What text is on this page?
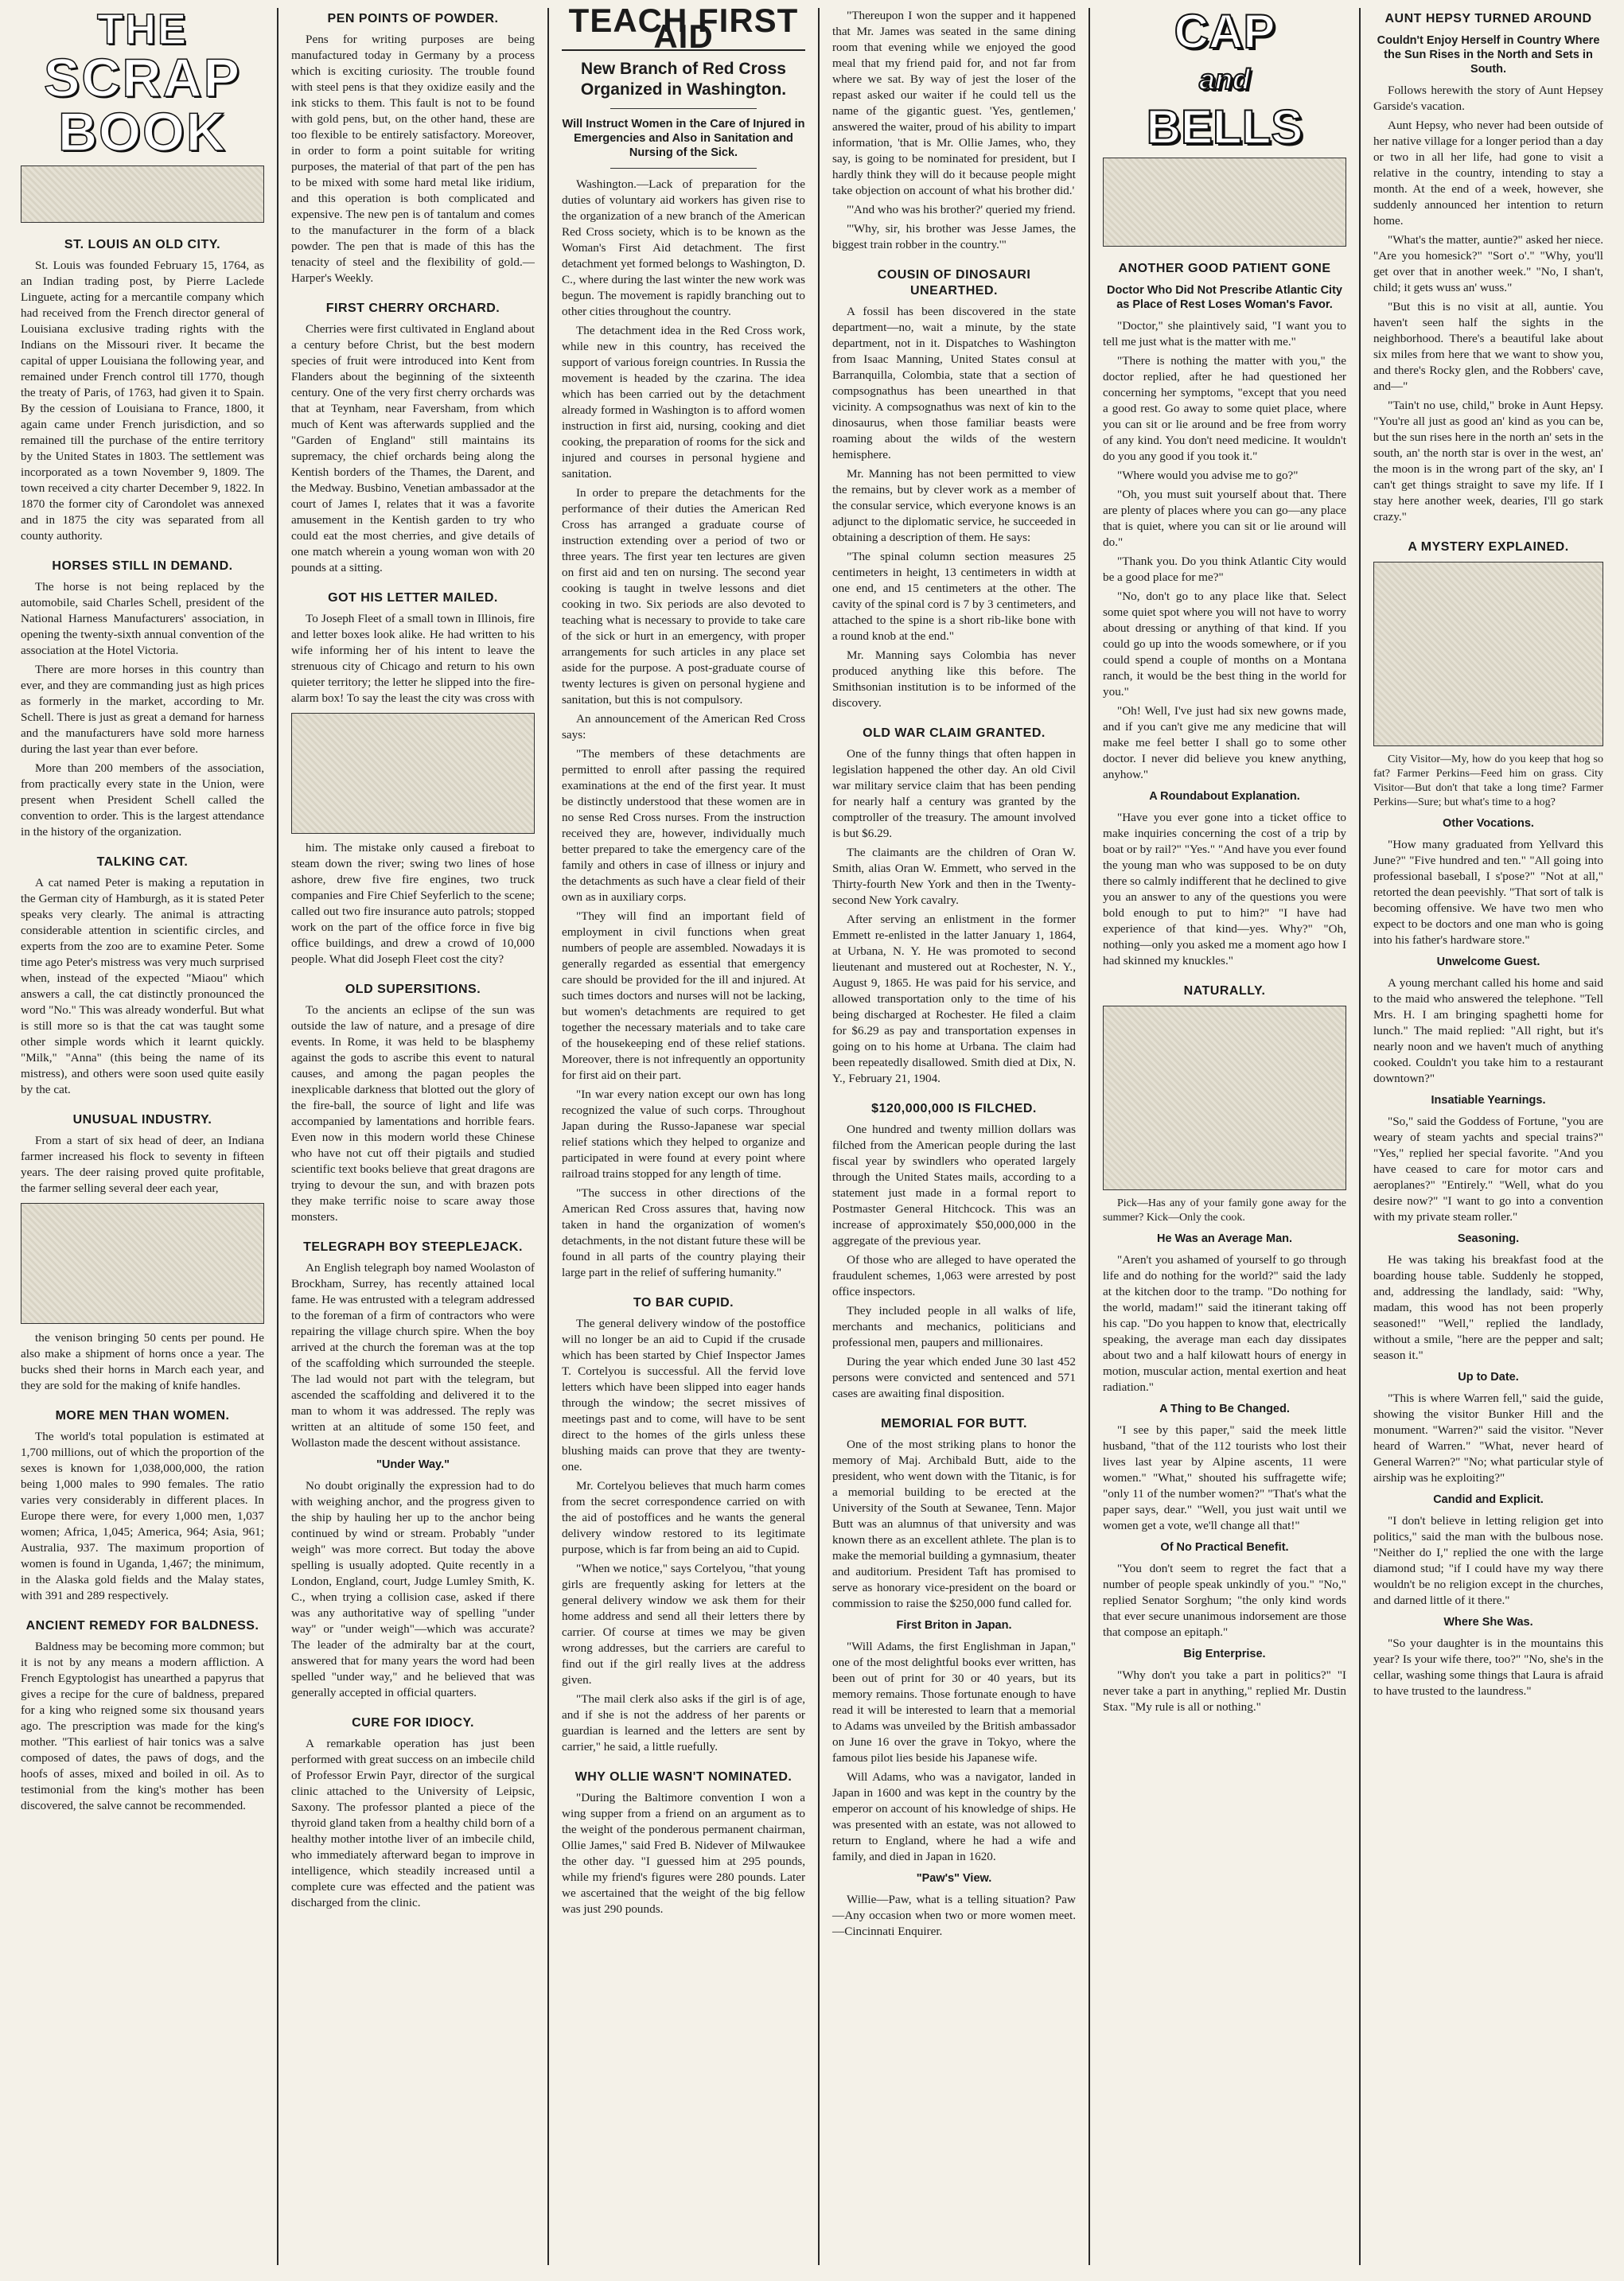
THE
SCRAP
BOOK
ST. LOUIS AN OLD CITY.

St. Louis was founded February 15, 1764, as an Indian trading post, by Pierre Laclede Linguete, acting for a mercantile company which had received from the French director general of Louisiana exclusive trading rights with the Indians on the Missouri river. It became the capital of upper Louisiana the following year, and remained under French control till 1770, though the treaty of Paris, of 1763, had given it to Spain. By the cession of Louisiana to France, 1800, it again came under French jurisdiction, and so remained till the purchase of the entire territory by the United States in 1803. The settlement was incorporated as a town November 9, 1809. The town received a city charter December 9, 1822. In 1870 the former city of Carondolet was annexed and in 1875 the city was separated from all county authority.

HORSES STILL IN DEMAND.

The horse is not being replaced by the automobile, said Charles Schell, president of the National Harness Manufacturers' association, in opening the twenty-sixth annual convention of the association at the Hotel Victoria.

There are more horses in this country than ever, and they are commanding just as high prices as formerly in the market, according to Mr. Schell. There is just as great a demand for harness and the manufacturers have sold more harness during the last year than ever before.

More than 200 members of the association, from practically every state in the Union, were present when President Schell called the convention to order. This is the largest attendance in the history of the organization.

TALKING CAT.

A cat named Peter is making a reputation in the German city of Hamburgh, as it is stated Peter speaks very clearly. The animal is attracting considerable attention in scientific circles, and experts from the zoo are to examine Peter. Some time ago Peter's mistress was very much surprised when, instead of the expected "Miaou" which answers a call, the cat distinctly pronounced the word "No." This was already wonderful. But what is still more so is that the cat was taught some other simple words which it learnt quickly. "Milk," "Anna" (this being the name of its mistress), and others were soon used quite easily by the cat.

UNUSUAL INDUSTRY.

From a start of six head of deer, an Indiana farmer increased his flock to seventy in fifteen years. The deer raising proved quite profitable, the farmer selling several deer each year,

the venison bringing 50 cents per pound. He also make a shipment of horns once a year. The bucks shed their horns in March each year, and they are sold for the making of knife handles.

MORE MEN THAN WOMEN.

The world's total population is estimated at 1,700 millions, out of which the proportion of the sexes is known for 1,038,000,000, the ration being 1,000 males to 990 females. The ratio varies very considerably in different places. In Europe there were, for every 1,000 men, 1,037 women; Africa, 1,045; America, 964; Asia, 961; Australia, 937. The maximum proportion of women is found in Uganda, 1,467; the minimum, in the Alaska gold fields and the Malay states, with 391 and 289 respectively.

ANCIENT REMEDY FOR BALDNESS.

Baldness may be becoming more common; but it is not by any means a modern affliction. A French Egyptologist has unearthed a papyrus that gives a recipe for the cure of baldness, prepared for a king who reigned some six thousand years ago. The prescription was made for the king's mother. "This earliest of hair tonics was a salve composed of dates, the paws of dogs, and the hoofs of asses, mixed and boiled in oil. As to testimonial from the king's mother has been discovered, the salve cannot be recommended.

PEN POINTS OF POWDER.

Pens for writing purposes are being manufactured today in Germany by a process which is exciting curiosity. The trouble found with steel pens is that they oxidize easily and the ink sticks to them. This fault is not to be found with gold pens, but, on the other hand, these are too flexible to be entirely satisfactory. Moreover, in order to form a point suitable for writing purposes, the material of that part of the pen has to be mixed with some hard metal like iridium, and this operation is both complicated and expensive. The new pen is of tantalum and comes to the manufacturer in the form of a black powder. The pen that is made of this has the tenacity of steel and the flexibility of gold.—Harper's Weekly.

FIRST CHERRY ORCHARD.

Cherries were first cultivated in England about a century before Christ, but the best modern species of fruit were introduced into Kent from Flanders about the beginning of the sixteenth century. One of the very first cherry orchards was that at Teynham, near Faversham, from which much of Kent was afterwards supplied and the "Garden of England" still maintains its supremacy, the chief orchards being along the Kentish borders of the Thames, the Darent, and the Medway. Busbino, Venetian ambassador at the court of James I, relates that it was a favorite amusement in the Kentish garden to try who could eat the most cherries, and give details of one match wherein a young woman won with 20 pounds at a sitting.

GOT HIS LETTER MAILED.

To Joseph Fleet of a small town in Illinois, fire and letter boxes look alike. He had written to his wife informing her of his intent to leave the strenuous city of Chicago and return to his own quieter territory; the letter he slipped into the fire-alarm box! To say the least the city was cross with

him. The mistake only caused a fireboat to steam down the river; swing two lines of hose ashore, drew five fire engines, two truck companies and Fire Chief Seyferlich to the scene; called out two fire insurance auto patrols; stopped work on the part of the office force in five big office buildings, and drew a crowd of 10,000 people. What did Joseph Fleet cost the city?

OLD SUPERSITIONS.

To the ancients an eclipse of the sun was outside the law of nature, and a presage of dire events. In Rome, it was held to be blasphemy against the gods to ascribe this event to natural causes, and among the pagan peoples the inexplicable darkness that blotted out the glory of the fire-ball, the source of light and life was accompanied by lamentations and horrible fears. Even now in this modern world these Chinese who have not cut off their pigtails and studied scientific text books believe that great dragons are trying to devour the sun, and with brazen pots they make terrific noise to scare away those monsters.

TELEGRAPH BOY STEEPLEJACK.

An English telegraph boy named Woolaston of Brockham, Surrey, has recently attained local fame. He was entrusted with a telegram addressed to the foreman of a firm of contractors who were repairing the village church spire. When the boy arrived at the church the foreman was at the top of the scaffolding which surrounded the steeple. The lad would not part with the telegram, but ascended the scaffolding and delivered it to the man to whom it was addressed. The reply was written at an altitude of some 150 feet, and Wollaston made the descent without assistance.

"Under Way."

No doubt originally the expression had to do with weighing anchor, and the progress given to the ship by hauling her up to the anchor being continued by wind or stream. Probably "under weigh" was more correct. But today the above spelling is usually adopted. Quite recently in a London, England, court, Judge Lumley Smith, K. C., when trying a collision case, asked if there was any authoritative way of spelling "under way" or "under weigh"—which was accurate? The leader of the admiralty bar at the court, answered that for many years the word had been spelled "under way," and he believed that was generally accepted in official quarters.

CURE FOR IDIOCY.

A remarkable operation has just been performed with great success on an imbecile child of Professor Erwin Payr, director of the surgical clinic attached to the University of Leipsic, Saxony. The professor planted a piece of the thyroid gland taken from a healthy child born of a healthy mother intothe liver of an imbecile child, who immediately afterward began to improve in intelligence, which steadily increased until a complete cure was effected and the patient was discharged from the clinic.

TEACH FIRST AID
New Branch of Red Cross Organized in Washington.
Will Instruct Women in the Care of Injured in Emergencies and Also in Sanitation and Nursing of the Sick.

Washington.—Lack of preparation for the duties of voluntary aid workers has given rise to the organization of a new branch of the American Red Cross society, which is to be known as the Woman's First Aid detachment. The first detachment yet formed belongs to Washington, D. C., where during the last winter the new work was begun. The movement is rapidly branching out to other cities throughout the country.

The detachment idea in the Red Cross work, while new in this country, has received the support of various foreign countries. In Russia the movement is headed by the czarina. The idea which has been carried out by the detachment already formed in Washington is to afford women instruction in first aid, nursing, cooking and diet cooking, the preparation of rooms for the sick and injured and courses in personal hygiene and sanitation.

In order to prepare the detachments for the performance of their duties the American Red Cross has arranged a graduate course of instruction extending over a period of two or three years. The first year ten lectures are given on first aid and ten on nursing. The second year cooking is taught in twelve lessons and diet cooking in two. Six periods are also devoted to teaching what is necessary to provide to take care of the sick or hurt in an emergency, with proper arrangements for such articles in any place set aside for the purpose. A post-graduate course of twenty lectures is given on personal hygiene and sanitation, but this is not compulsory.

An announcement of the American Red Cross says:

"The members of these detachments are permitted to enroll after passing the required examinations at the end of the first year. It must be distinctly understood that these women are in no sense Red Cross nurses. From the instruction received they are, however, individually much better prepared to take the emergency care of the family and others in case of illness or injury and the detachments as such have a clear field of their own as in auxiliary corps.

"They will find an important field of employment in civil functions when great numbers of people are assembled. Nowadays it is generally regarded as essential that emergency care should be provided for the ill and injured. At such times doctors and nurses will not be lacking, but women's detachments are required to get together the necessary materials and to take care of the housekeeping end of these relief stations. Moreover, there is not infrequently an opportunity for first aid on their part.

"In war every nation except our own has long recognized the value of such corps. Throughout Japan during the Russo-Japanese war special relief stations which they helped to organize and participated in were found at every point where railroad trains stopped for any length of time.

"The success in other directions of the American Red Cross assures that, having now taken in hand the organization of women's detachments, in the not distant future these will be found in all parts of the country playing their large part in the relief of suffering humanity."

TO BAR CUPID.

The general delivery window of the postoffice will no longer be an aid to Cupid if the crusade which has been started by Chief Inspector James T. Cortelyou is successful. All the fervid love letters which have been slipped into eager hands through the window; the secret missives of meetings past and to come, will have to be sent direct to the homes of the girls unless these blushing maids can prove that they are twenty-one.

Mr. Cortelyou believes that much harm comes from the secret correspondence carried on with the aid of postoffices and he wants the general delivery window restored to its legitimate purpose, which is far from being an aid to Cupid.

"When we notice," says Cortelyou, "that young girls are frequently asking for letters at the general delivery window we ask them for their home address and send all their letters there by carrier. Of course at times we may be given wrong addresses, but the carriers are careful to find out if the girl really lives at the address given.

"The mail clerk also asks if the girl is of age, and if she is not the address of her parents or guardian is learned and the letters are sent by carrier," he said, a little ruefully.

WHY OLLIE WASN'T NOMINATED.

"During the Baltimore convention I won a wing supper from a friend on an argument as to the weight of the ponderous permanent chairman, Ollie James," said Fred B. Nidever of Milwaukee the other day. "I guessed him at 295 pounds, while my friend's figures were 280 pounds. Later we ascertained that the weight of the big fellow was just 290 pounds.

"Thereupon I won the supper and it happened that Mr. James was seated in the same dining room that evening while we enjoyed the good meal that my friend paid for, and not far from where we sat. By way of jest the loser of the repast asked our waiter if he could tell us the name of the gigantic guest. 'Yes, gentlemen,' answered the waiter, proud of his ability to impart information, 'that is Mr. Ollie James, who, they say, is going to be nominated for president, but I hardly think they will do it because people might take objection on account of what his brother did.'

"'And who was his brother?' queried my friend.

"'Why, sir, his brother was Jesse James, the biggest train robber in the country.'"

COUSIN OF DINOSAURI UNEARTHED.

A fossil has been discovered in the state department—no, wait a minute, by the state department, not in it. Dispatches to Washington from Isaac Manning, United States consul at Barranquilla, Colombia, state that a section of compsognathus has been unearthed in that vicinity. A compsognathus was next of kin to the dinosaurus, when those familiar beasts were roaming about the wilds of the western hemisphere.

Mr. Manning has not been permitted to view the remains, but by clever work as a member of the consular service, which everyone knows is an adjunct to the diplomatic service, he succeeded in obtaining a description of them. He says:

"The spinal column section measures 25 centimeters in height, 13 centimeters in width at one end, and 15 centimeters at the other. The cavity of the spinal cord is 7 by 3 centimeters, and attached to the spine is a short rib-like bone with a round knob at the end."

Mr. Manning says Colombia has never produced anything like this before. The Smithsonian institution is to be informed of the discovery.

OLD WAR CLAIM GRANTED.

One of the funny things that often happen in legislation happened the other day. An old Civil war military service claim that has been pending for nearly half a century was granted by the comptroller of the treasury. The amount involved is but $6.29.

The claimants are the children of Oran W. Smith, alias Oran W. Emmett, who served in the Thirty-fourth New York and then in the Twenty-second New York cavalry.

After serving an enlistment in the former Emmett re-enlisted in the latter January 1, 1864, at Urbana, N. Y. He was promoted to second lieutenant and mustered out at Rochester, N. Y., August 9, 1865. He was paid for his service, and allowed transportation only to the time of his being discharged at Rochester. He filed a claim for $6.29 as pay and transportation expenses in going on to his home at Urbana. The claim had been repeatedly disallowed. Smith died at Dix, N. Y., February 21, 1904.

$120,000,000 IS FILCHED.

One hundred and twenty million dollars was filched from the American people during the last fiscal year by swindlers who operated largely through the United States mails, according to a statement just made in a formal report to Postmaster General Hitchcock. This was an increase of approximately $50,000,000 in the aggregate of the previous year.

Of those who are alleged to have operated the fraudulent schemes, 1,063 were arrested by post office inspectors.

They included people in all walks of life, merchants and mechanics, politicians and professional men, paupers and millionaires.

During the year which ended June 30 last 452 persons were convicted and sentenced and 571 cases are awaiting final disposition.

MEMORIAL FOR BUTT.

One of the most striking plans to honor the memory of Maj. Archibald Butt, aide to the president, who went down with the Titanic, is for a memorial building to be erected at the University of the South at Sewanee, Tenn. Major Butt was an alumnus of that university and was known there as an excellent athlete. The plan is to make the memorial building a gymnasium, theater and auditorium. President Taft has promised to serve as honorary vice-president on the board or commission to raise the $250,000 fund called for.

First Briton in Japan.

"Will Adams, the first Englishman in Japan," one of the most delightful books ever written, has been out of print for 30 or 40 years, but its memory remains. Those fortunate enough to have read it will be interested to learn that a memorial to Adams was unveiled by the British ambassador on June 16 over the grave in Tokyo, where the famous pilot lies beside his Japanese wife.

Will Adams, who was a navigator, landed in Japan in 1600 and was kept in the country by the emperor on account of his knowledge of ships. He was presented with an estate, was not allowed to return to England, where he had a wife and family, and died in Japan in 1620.

"Paw's" View.

Willie—Paw, what is a telling situation? Paw—Any occasion when two or more women meet.—Cincinnati Enquirer.

CAP
and
BELLS
ANOTHER GOOD PATIENT GONE
Doctor Who Did Not Prescribe Atlantic City as Place of Rest Loses Woman's Favor.

"Doctor," she plaintively said, "I want you to tell me just what is the matter with me."

"There is nothing the matter with you," the doctor replied, after he had questioned her concerning her symptoms, "except that you need a good rest. Go away to some quiet place, where you can sit or lie around and be free from worry of any kind. You don't need medicine. It wouldn't do you any good if you took it."

"Where would you advise me to go?"

"Oh, you must suit yourself about that. There are plenty of places where you can go—any place that is quiet, where you can sit or lie around will do."

"Thank you. Do you think Atlantic City would be a good place for me?"

"No, don't go to any place like that. Select some quiet spot where you will not have to worry about dressing or anything of that kind. If you could go up into the woods somewhere, or if you could spend a couple of months on a Montana ranch, it would be the best thing in the world for you."

"Oh! Well, I've just had six new gowns made, and if you can't give me any medicine that will make me feel better I shall go to some other doctor. I never did believe you knew anything, anyhow."

A Roundabout Explanation.

"Have you ever gone into a ticket office to make inquiries concerning the cost of a trip by boat or by rail?" "Yes." "And have you ever found the young man who was supposed to be on duty there so calmly indifferent that he declined to give you an answer to any of the questions you were bold enough to put to him?" "I have had experience of that kind—yes. Why?" "Oh, nothing—only you asked me a moment ago how I had skinned my knuckles."

NATURALLY.

Pick—Has any of your family gone away for the summer? Kick—Only the cook.

He Was an Average Man.

"Aren't you ashamed of yourself to go through life and do nothing for the world?" said the lady at the kitchen door to the tramp. "Do nothing for the world, madam!" said the itinerant taking off his cap. "Do you happen to know that, electrically speaking, the average man each day dissipates about two and a half kilowatt hours of energy in motion, muscular action, mental exertion and heat radiation."

A Thing to Be Changed.

"I see by this paper," said the meek little husband, "that of the 112 tourists who lost their lives last year by Alpine ascents, 11 were women." "What," shouted his suffragette wife; "only 11 of the number women?" "That's what the paper says, dear." "Well, you just wait until we women get a vote, we'll change all that!"

Of No Practical Benefit.

"You don't seem to regret the fact that a number of people speak unkindly of you." "No," replied Senator Sorghum; "the only kind words that ever secure unanimous indorsement are those that compose an epitaph."

Big Enterprise.

"Why don't you take a part in politics?" "I never take a part in anything," replied Mr. Dustin Stax. "My rule is all or nothing."

AUNT HEPSY TURNED AROUND
Couldn't Enjoy Herself in Country Where the Sun Rises in the North and Sets in South.

Follows herewith the story of Aunt Hepsey Garside's vacation.

Aunt Hepsy, who never had been outside of her native village for a longer period than a day or two in all her life, had gone to visit a relative in the country, intending to stay a month. At the end of a week, however, she suddenly announced her intention to return home.

"What's the matter, auntie?" asked her niece. "Are you homesick?" "Sort o'." "Why, you'll get over that in another week." "No, I shan't, child; it gets wuss an' wuss."

"But this is no visit at all, auntie. You haven't seen half the sights in the neighborhood. There's a beautiful lake about six miles from here that we want to show you, and there's Rocky glen, and the Robbers' cave, and—"

"Tain't no use, child," broke in Aunt Hepsy. "You're all just as good an' kind as you can be, but the sun rises here in the north an' sets in the south, an' the north star is over in the west, an' the moon is in the wrong part of the sky, an' I can't get things straight to save my life. If I stay here another week, dearies, I'll go stark crazy."

A MYSTERY EXPLAINED.

City Visitor—My, how do you keep that hog so fat? Farmer Perkins—Feed him on grass. City Visitor—But don't that take a long time? Farmer Perkins—Sure; but what's time to a hog?

Other Vocations.

"How many graduated from Yellvard this June?" "Five hundred and ten." "All going into professional baseball, I s'pose?" "Not at all," retorted the dean peevishly. "That sort of talk is becoming offensive. We have two men who expect to be doctors and one man who is going into his father's hardware store."

Unwelcome Guest.

A young merchant called his home and said to the maid who answered the telephone. "Tell Mrs. H. I am bringing spaghetti home for lunch." The maid replied: "All right, but it's nearly noon and we haven't much of anything cooked. Couldn't you take him to a restaurant downtown?"

Insatiable Yearnings.

"So," said the Goddess of Fortune, "you are weary of steam yachts and special trains?" "Yes," replied her special favorite. "And you have ceased to care for motor cars and aeroplanes?" "Entirely." "Well, what do you desire now?" "I want to go into a convention with my private steam roller."

Seasoning.

He was taking his breakfast food at the boarding house table. Suddenly he stopped, and, addressing the landlady, said: "Why, madam, this wood has not been properly seasoned!" "Well," replied the landlady, without a smile, "here are the pepper and salt; season it."

Up to Date.

"This is where Warren fell," said the guide, showing the visitor Bunker Hill and the monument. "Warren?" said the visitor. "Never heard of Warren." "What, never heard of General Warren?" "No; what particular style of airship was he exploiting?"

Candid and Explicit.

"I don't believe in letting religion get into politics," said the man with the bulbous nose. "Neither do I," replied the one with the large diamond stud; "if I could have my way there wouldn't be no religion except in the churches, and darned little of it there."

Where She Was.

"So your daughter is in the mountains this year? Is your wife there, too?" "No, she's in the cellar, washing some things that Laura is afraid to have trusted to the laundress."
